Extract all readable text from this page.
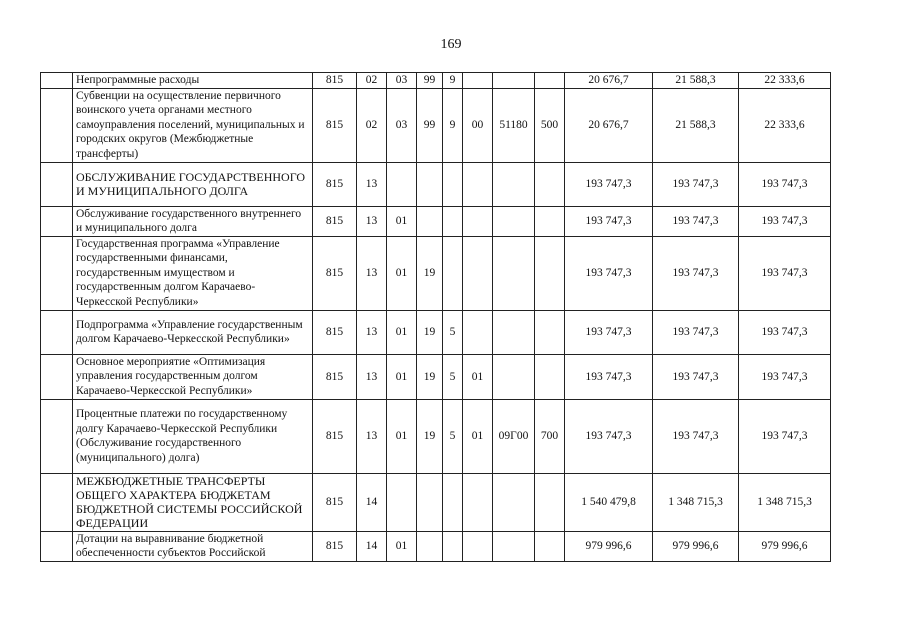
169
	Непрограммные расходы	815	02	03	99	9				20 676,7	21 588,3	22 333,6
	Субвенции на осуществление первичного воинского учета органами местного самоуправления поселений, муниципальных и городских округов (Межбюджетные трансферты)	815	02	03	99	9	00	51180	500	20 676,7	21 588,3	22 333,6
	ОБСЛУЖИВАНИЕ ГОСУДАРСТВЕННОГО И МУНИЦИПАЛЬНОГО ДОЛГА	815	13							193 747,3	193 747,3	193 747,3
	Обслуживание государственного внутреннего и муниципального долга	815	13	01						193 747,3	193 747,3	193 747,3
	Государственная программа «Управление государственными финансами, государственным имуществом и государственным долгом Карачаево-Черкесской Республики»	815	13	01	19					193 747,3	193 747,3	193 747,3
	Подпрограмма «Управление государственным долгом Карачаево-Черкесской Республики»	815	13	01	19	5				193 747,3	193 747,3	193 747,3
	Основное мероприятие «Оптимизация управления государственным долгом Карачаево-Черкесской Республики»	815	13	01	19	5	01			193 747,3	193 747,3	193 747,3
	Процентные платежи по государственному долгу Карачаево-Черкесской Республики (Обслуживание государственного (муниципального) долга)	815	13	01	19	5	01	09Г00	700	193 747,3	193 747,3	193 747,3
	МЕЖБЮДЖЕТНЫЕ ТРАНСФЕРТЫ ОБЩЕГО ХАРАКТЕРА БЮДЖЕТАМ БЮДЖЕТНОЙ СИСТЕМЫ РОССИЙСКОЙ ФЕДЕРАЦИИ	815	14							1 540 479,8	1 348 715,3	1 348 715,3
	Дотации на выравнивание бюджетной обеспеченности субъектов Российской	815	14	01						979 996,6	979 996,6	979 996,6
